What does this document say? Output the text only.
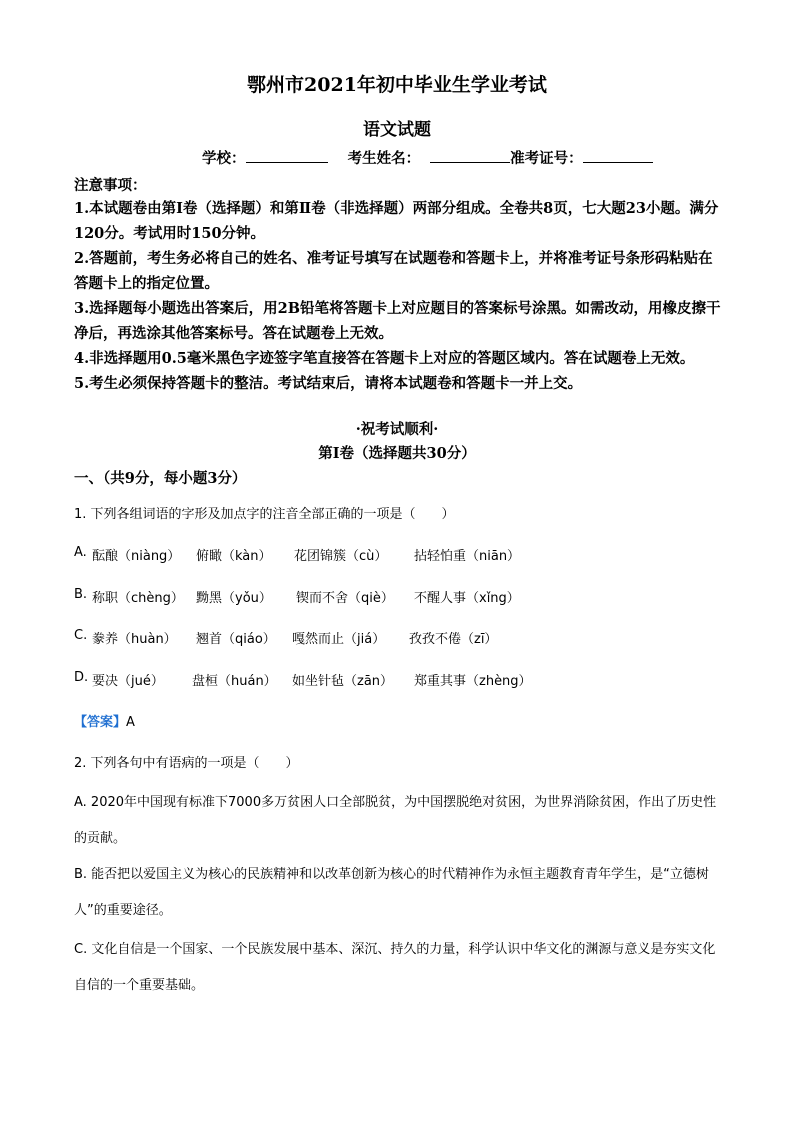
鄂州市2021年初中毕业生学业考试
语文试题
学校：	考生姓名：	准考证号：
注意事项：

1.本试题卷由第Ⅰ卷（选择题）和第Ⅱ卷（非选择题）两部分组成。全卷共8页，七大题23小题。满分120分。考试用时150分钟。

2.答题前，考生务必将自己的姓名、准考证号填写在试题卷和答题卡上，并将准考证号条形码粘贴在答题卡上的指定位置。

3.选择题每小题选出答案后，用2B铅笔将答题卡上对应题目的答案标号涂黑。如需改动，用橡皮擦干净后，再选涂其他答案标号。答在试题卷上无效。

4.非选择题用0.5毫米黑色字迹签字笔直接答在答题卡上对应的答题区域内。答在试题卷上无效。

5.考生必须保持答题卡的整洁。考试结束后，请将本试题卷和答题卡一并上交。

·祝考试顺利·
第Ⅰ卷（选择题共30分）
一、（共9分，每小题3分）
1. 下列各组词语的字形及加点字的注音全部正确的一项是（　　）
A. 酝酿（niàng） 俯瞰（kàn） 花团锦簇（cù） 拈轻怕重（niān）
B. 称职（chèng） 黝黑（yǒu） 锲而不舍（qiè） 不醒人事（xǐng）
C. 豢养（huàn） 翘首（qiáo） 嘎然而止（jiá） 孜孜不倦（zī）
D. 要决（jué） 盘桓（huán） 如坐针毡（zān） 郑重其事（zhèng）
【答案】A
2. 下列各句中有语病的一项是（　　）
A. 2020年中国现有标准下7000多万贫困人口全部脱贫，为中国摆脱绝对贫困，为世界消除贫困，作出了历史性的贡献。
B. 能否把以爱国主义为核心的民族精神和以改革创新为核心的时代精神作为永恒主题教育青年学生，是“立德树人”的重要途径。
C. 文化自信是一个国家、一个民族发展中基本、深沉、持久的力量，科学认识中华文化的渊源与意义是夯实文化自信的一个重要基础。
